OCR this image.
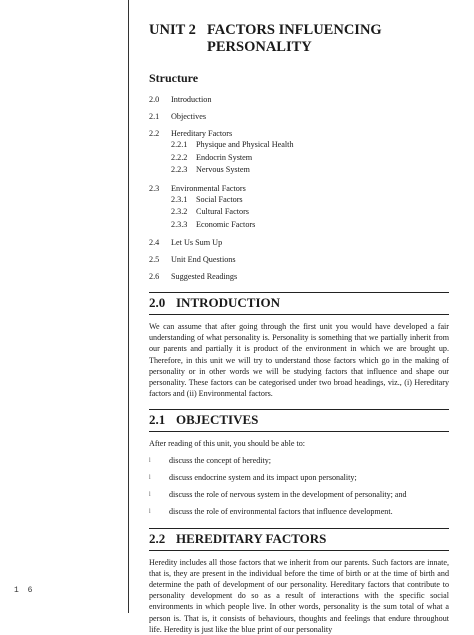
UNIT 2 FACTORS INFLUENCING
PERSONALITY
Structure
2.0	Introduction
2.1	Objectives
2.2	Hereditary Factors
2.2.1	Physique and Physical Health
2.2.2	Endocrin System
2.2.3	Nervous System
2.3	Environmental Factors
2.3.1	Social Factors
2.3.2	Cultural Factors
2.3.3	Economic Factors
2.4	Let Us Sum Up
2.5	Unit End Questions
2.6	Suggested Readings
2.0 INTRODUCTION

We can assume that after going through the first unit you would have developed a fair understanding of what personality is. Personality is something that we partially inherit from our parents and partially it is product of the environment in which we are brought up. Therefore, in this unit we will try to understand those factors which go in the making of personality or in other words we will be studying factors that influence and shape our personality. These factors can be categorised under two broad headings, viz., (i) Hereditary factors and (ii) Environmental factors.

2.1 OBJECTIVES

After reading of this unit, you should be able to:

l	discuss the concept of heredity;
l	discuss endocrine system and its impact upon personality;
l	discuss the role of nervous system in the development of personality; and
l	discuss the role of environmental factors that influence development.
2.2 HEREDITARY FACTORS

Heredity includes all those factors that we inherit from our parents. Such factors are innate, that is, they are present in the individual before the time of birth or at the time of birth and determine the path of development of our personality. Hereditary factors that contribute to personality development do so as a result of interactions with the specific social environments in which people live. In other words, personality is the sum total of what a person is. That is, it consists of behaviours, thoughts and feelings that endure throughout life. Heredity is just like the blue print of our personality

1 6
